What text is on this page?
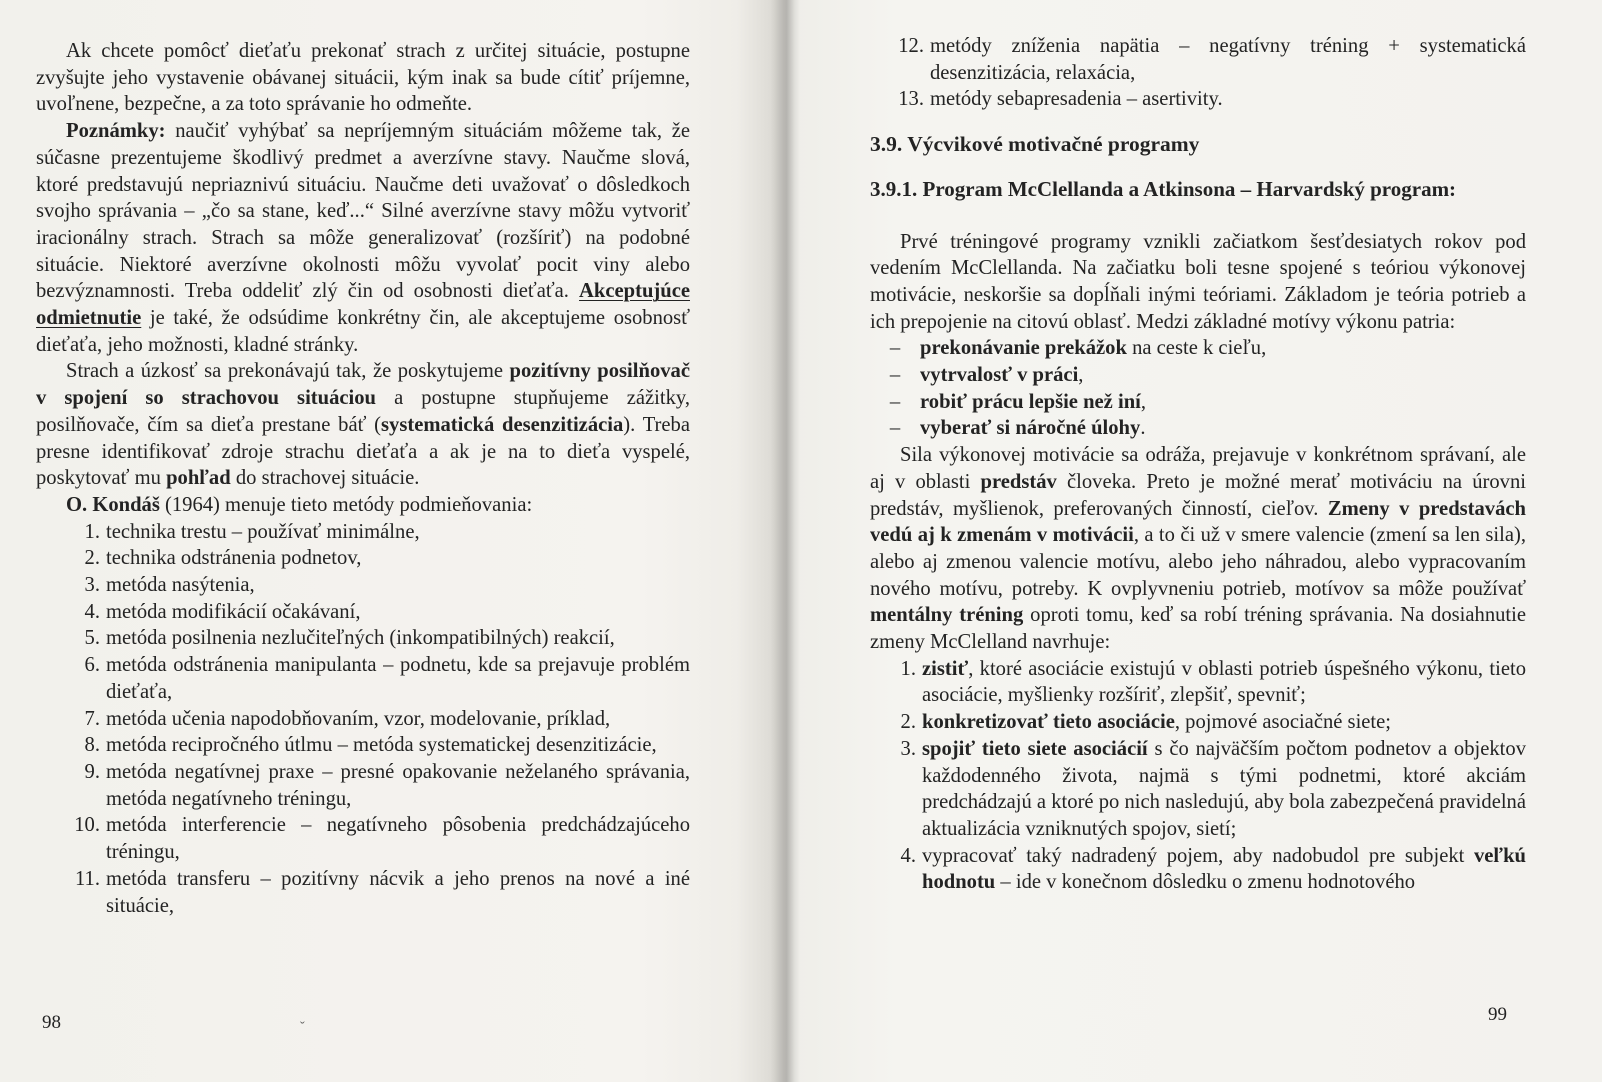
Ak chcete pomôcť dieťaťu prekonať strach z určitej situácie, postupne zvyšujte jeho vystavenie obávanej situácii, kým inak sa bude cítiť príjemne, uvoľnene, bezpečne, a za toto správanie ho odmeňte.

Poznámky: naučiť vyhýbať sa nepríjemným situáciám môžeme tak, že súčasne prezentujeme škodlivý predmet a averzívne stavy. Naučme slová, ktoré predstavujú nepriaznivú situáciu. Naučme deti uvažovať o dôsledkoch svojho správania – „čo sa stane, keď...“ Silné averzívne stavy môžu vytvoriť iracionálny strach. Strach sa môže generalizovať (rozšíriť) na podobné situácie. Niektoré averzívne okolnosti môžu vyvolať pocit viny alebo bezvýznamnosti. Treba oddeliť zlý čin od osobnosti dieťaťa. Akceptujúce odmietnutie je také, že odsúdime konkrétny čin, ale akceptujeme osobnosť dieťaťa, jeho možnosti, kladné stránky.

Strach a úzkosť sa prekonávajú tak, že poskytujeme pozitívny posilňovač v spojení so strachovou situáciou a postupne stupňujeme zážitky, posilňovače, čím sa dieťa prestane báť (systematická desenzitizácia). Treba presne identifikovať zdroje strachu dieťaťa a ak je na to dieťa vyspelé, poskytovať mu pohľad do strachovej situácie.

O. Kondáš (1964) menuje tieto metódy podmieňovania:

1. technika trestu – používať minimálne,
2. technika odstránenia podnetov,
3. metóda nasýtenia,
4. metóda modifikácií očakávaní,
5. metóda posilnenia nezlučiteľných (inkompatibilných) reakcií,
6. metóda odstránenia manipulanta – podnetu, kde sa prejavuje problém dieťaťa,
7. metóda učenia napodobňovaním, vzor, modelovanie, príklad,
8. metóda recipročného útlmu – metóda systematickej desenzitizácie,
9. metóda negatívnej praxe – presné opakovanie neželaného správania, metóda negatívneho tréningu,
10. metóda interferencie – negatívneho pôsobenia predchádzajúceho tréningu,
11. metóda transferu – pozitívny nácvik a jeho prenos na nové a iné situácie,
ˇ
98
12. metódy zníženia napätia – negatívny tréning + systematická desenzitizácia, relaxácia,
13. metódy sebapresadenia – asertivity.
3.9. Výcvikové motivačné programy
3.9.1. Program McClellanda a Atkinsona – Harvardský program:

Prvé tréningové programy vznikli začiatkom šesťdesiatych rokov pod vedením McClellanda. Na začiatku boli tesne spojené s teóriou výkonovej motivácie, neskoršie sa dopĺňali inými teóriami. Základom je teória potrieb a ich prepojenie na citovú oblasť. Medzi základné motívy výkonu patria:

– prekonávanie prekážok na ceste k cieľu,
– vytrvalosť v práci,
– robiť prácu lepšie než iní,
– vyberať si náročné úlohy.

Sila výkonovej motivácie sa odráža, prejavuje v konkrétnom správaní, ale aj v oblasti predstáv človeka. Preto je možné merať motiváciu na úrovni predstáv, myšlienok, preferovaných činností, cieľov. Zmeny v predstavách vedú aj k zmenám v motivácii, a to či už v smere valencie (zmení sa len sila), alebo aj zmenou valencie motívu, alebo jeho náhradou, alebo vypracovaním nového motívu, potreby. K ovplyvneniu potrieb, motívov sa môže používať mentálny tréning oproti tomu, keď sa robí tréning správania. Na dosiahnutie zmeny McClelland navrhuje:

1. zistiť, ktoré asociácie existujú v oblasti potrieb úspešného výkonu, tieto asociácie, myšlienky rozšíriť, zlepšiť, spevniť;
2. konkretizovať tieto asociácie, pojmové asociačné siete;
3. spojiť tieto siete asociácií s čo najväčším počtom podnetov a objektov každodenného života, najmä s tými podnetmi, ktoré akciám predchádzajú a ktoré po nich nasledujú, aby bola zabezpečená pravidelná aktualizácia vzniknutých spojov, sietí;
4. vypracovať taký nadradený pojem, aby nadobudol pre subjekt veľkú hodnotu – ide v konečnom dôsledku o zmenu hodnotového
99
